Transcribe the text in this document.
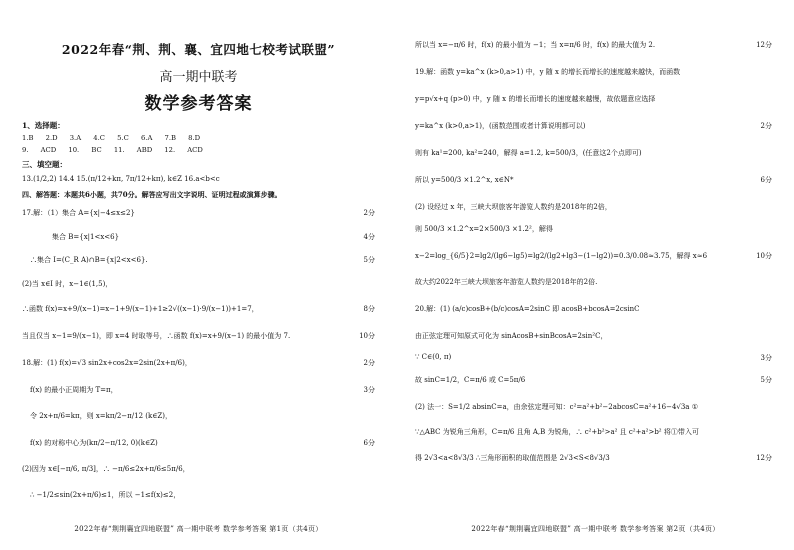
2022年春“荆、荆、襄、宜四地七校考试联盟”
高一期中联考
数学参考答案
1、选择题：
1.B 2.D 3.A 4.C 5.C 6.A 7.B 8.D
9. ACD 10. BC 11. ABD 12. ACD
三、填空题：
13.(1/2,2) 14.4 15.(π/12+kπ, 7π/12+kπ), k∈Z 16.a<b<c
四、解答题：本题共6小题，共70分。解答应写出文字说明、证明过程或演算步骤。
17.解：（1）集合 A={x|−4≤x≤2}	2分
集合 B={x|1<x<6}	4分
∴集合 I=(C_R A)∩B={x|2<x<6}.	5分
(2)当 x∈I 时，x−1∈(1,5)，
∴函数 f(x)=x+9/(x−1)=x−1+9/(x−1)+1≥2√((x−1)·9/(x−1))+1=7，	8分
当且仅当 x−1=9/(x−1)，即 x=4 时取等号，∴函数 f(x)=x+9/(x−1) 的最小值为 7.	10分
18.解：(1) f(x)=√3 sin2x+cos2x=2sin(2x+π/6)，	2分
f(x) 的最小正周期为 T=π，	3分
令 2x+π/6=kπ，则 x=kπ/2−π/12 (k∈Z)，
f(x) 的对称中心为(kπ/2−π/12, 0)(k∈Z)	6分
(2)因为 x∈[−π/6, π/3]，∴ −π/6≤2x+π/6≤5π/6，
∴ −1/2≤sin(2x+π/6)≤1，所以 −1≤f(x)≤2，
2022年春“荆荆襄宜四地联盟” 高一期中联考 数学参考答案 第1页（共4页）
所以当 x=−π/6 时，f(x) 的最小值为 −1；当 x=π/6 时，f(x) 的最大值为 2.	12分
19.解：函数 y=ka^x (k>0,a>1) 中，y 随 x 的增长而增长的速度越来越快，而函数
y=p√x+q (p>0) 中，y 随 x 的增长而增长的速度越来越慢，故依题意应选择
y=ka^x (k>0,a>1)，(函数范围或者计算说明都可以)	2分
则有 ka¹=200, ka²=240，解得 a=1.2, k=500/3，(任意这2个点即可)
所以 y=500/3 ×1.2^x, x∈N*	6分
(2) 设经过 x 年，三峡大坝旅客年游览人数约是2018年的2倍，
则 500/3 ×1.2^x=2×500/3 ×1.2²，解得
x−2=log_{6/5}2=lg2/(lg6−lg5)=lg2/(lg2+lg3−(1−lg2))=0.3/0.08≈3.75，解得 x≈6	10分
故大约2022年三峡大坝旅客年游览人数约是2018年的2倍.
20.解：(1) (a/c)cosB+(b/c)cosA=2sinC 即 acosB+bcosA=2csinC
由正弦定理可知原式可化为 sinAcosB+sinBcosA=2sin²C，
∵ C∈(0, π)	3分
故 sinC=1/2，C=π/6 或 C=5π/6	5分
(2) 法一：S=1/2 absinC=a，由余弦定理可知：c²=a²+b²−2abcosC=a²+16−4√3a ①
∵△ABC 为锐角三角形，C=π/6 且角 A,B 为锐角，∴ c²+b²>a² 且 c²+a²>b² 将①带入可
得 2√3<a<8√3/3 ∴三角形面积的取值范围是 2√3<S<8√3/3	12分
2022年春“荆荆襄宜四地联盟” 高一期中联考 数学参考答案 第2页（共4页）
